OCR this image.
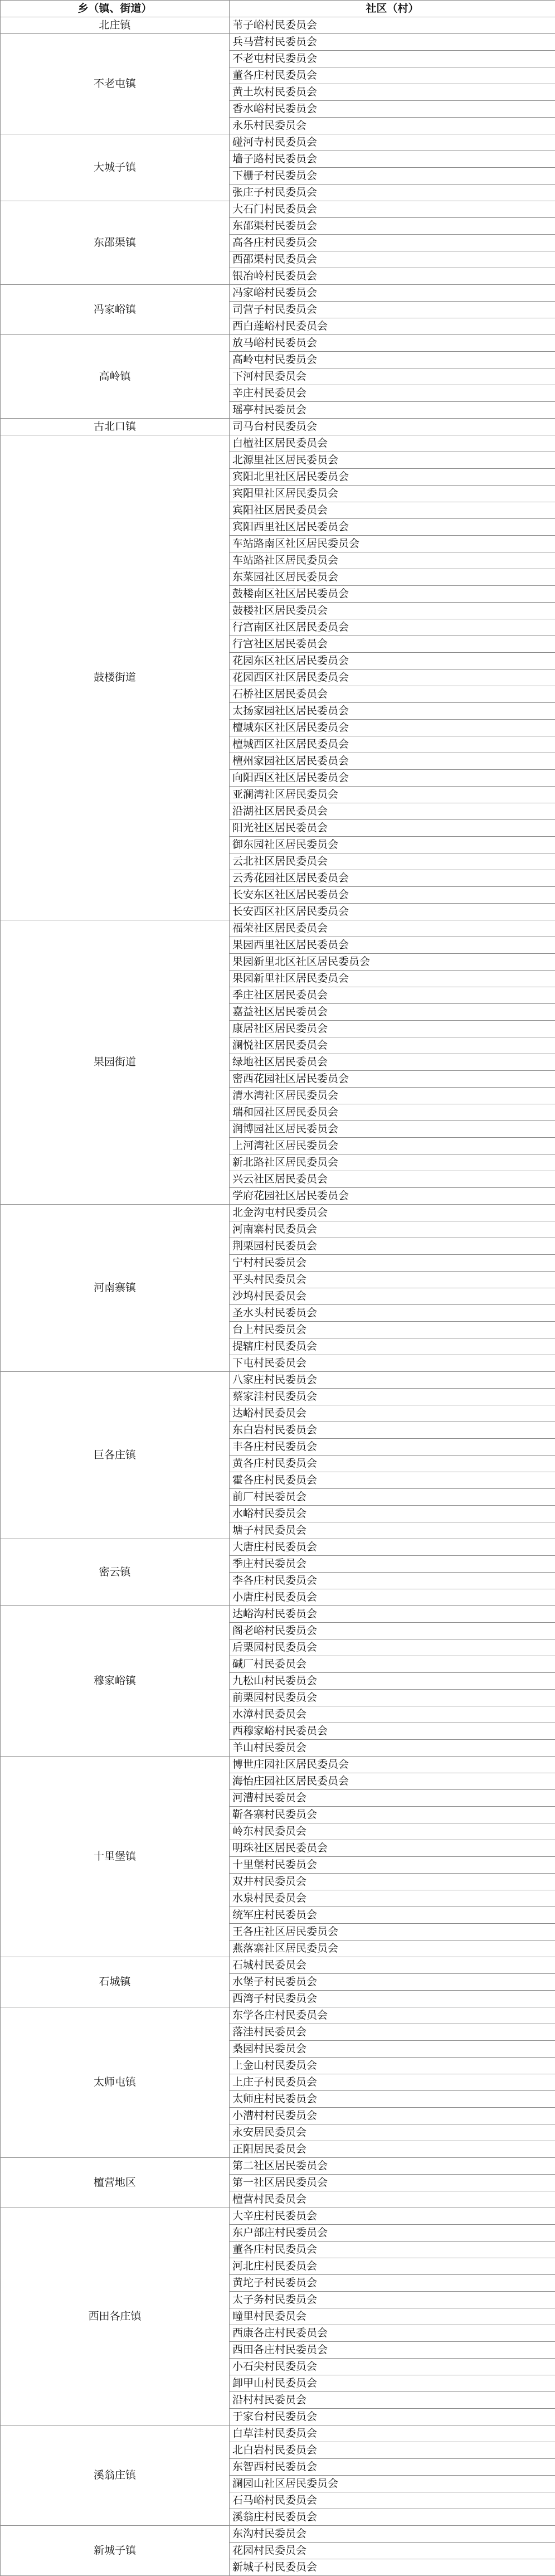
乡（镇、街道）	社区（村）
北庄镇	苇子峪村民委员会
不老屯镇	兵马营村民委员会
	不老屯村民委员会
	董各庄村民委员会
	黄土坎村民委员会
	香水峪村民委员会
	永乐村民委员会
大城子镇	碰河寺村民委员会
	墙子路村民委员会
	下栅子村民委员会
	张庄子村民委员会
东邵渠镇	大石门村民委员会
	东邵渠村民委员会
	高各庄村民委员会
	西邵渠村民委员会
	银冶岭村民委员会
冯家峪镇	冯家峪村民委员会
	司营子村民委员会
	西白莲峪村民委员会
高岭镇	放马峪村民委员会
	高岭屯村民委员会
	下河村民委员会
	辛庄村民委员会
	瑶亭村民委员会
古北口镇	司马台村民委员会
鼓楼街道	白檀社区居民委员会
	北源里社区居民委员会
	宾阳北里社区居民委员会
	宾阳里社区居民委员会
	宾阳社区居民委员会
	宾阳西里社区居民委员会
	车站路南区社区居民委员会
	车站路社区居民委员会
	东菜园社区居民委员会
	鼓楼南区社区居民委员会
	鼓楼社区居民委员会
	行宫南区社区居民委员会
	行宫社区居民委员会
	花园东区社区居民委员会
	花园西区社区居民委员会
	石桥社区居民委员会
	太扬家园社区居民委员会
	檀城东区社区居民委员会
	檀城西区社区居民委员会
	檀州家园社区居民委员会
	向阳西区社区居民委员会
	亚澜湾社区居民委员会
	沿湖社区居民委员会
	阳光社区居民委员会
	御东园社区居民委员会
	云北社区居民委员会
	云秀花园社区居民委员会
	长安东区社区居民委员会
	长安西区社区居民委员会
果园街道	福荣社区居民委员会
	果园西里社区居民委员会
	果园新里北区社区居民委员会
	果园新里社区居民委员会
	季庄社区居民委员会
	嘉益社区居民委员会
	康居社区居民委员会
	澜悦社区居民委员会
	绿地社区居民委员会
	密西花园社区居民委员会
	清水湾社区居民委员会
	瑞和园社区居民委员会
	润博园社区居民委员会
	上河湾社区居民委员会
	新北路社区居民委员会
	兴云社区居民委员会
	学府花园社区居民委员会
河南寨镇	北金沟屯村民委员会
	河南寨村民委员会
	荆栗园村民委员会
	宁村村民委员会
	平头村民委员会
	沙坞村民委员会
	圣水头村民委员会
	台上村民委员会
	提辖庄村民委员会
	下屯村民委员会
巨各庄镇	八家庄村民委员会
	蔡家洼村民委员会
	达峪村民委员会
	东白岩村民委员会
	丰各庄村民委员会
	黄各庄村民委员会
	霍各庄村民委员会
	前厂村民委员会
	水峪村民委员会
	塘子村民委员会
密云镇	大唐庄村民委员会
	季庄村民委员会
	李各庄村民委员会
	小唐庄村民委员会
穆家峪镇	达峪沟村民委员会
	阁老峪村民委员会
	后栗园村民委员会
	碱厂村民委员会
	九松山村民委员会
	前栗园村民委员会
	水漳村民委员会
	西穆家峪村民委员会
	羊山村民委员会
十里堡镇	博世庄园社区居民委员会
	海怡庄园社区居民委员会
	河漕村民委员会
	靳各寨村民委员会
	岭东村民委员会
	明珠社区居民委员会
	十里堡村民委员会
	双井村民委员会
	水泉村民委员会
	统军庄村民委员会
	王各庄社区居民委员会
	燕落寨社区居民委员会
石城镇	石城村民委员会
	水堡子村民委员会
	西湾子村民委员会
太师屯镇	东学各庄村民委员会
	落洼村民委员会
	桑园村民委员会
	上金山村民委员会
	上庄子村民委员会
	太师庄村民委员会
	小漕村村民委员会
	永安居民委员会
	正阳居民委员会
檀营地区	第二社区居民委员会
	第一社区居民委员会
	檀营村民委员会
西田各庄镇	大辛庄村民委员会
	东户部庄村民委员会
	董各庄村民委员会
	河北庄村民委员会
	黄坨子村民委员会
	太子务村民委员会
	疃里村民委员会
	西康各庄村民委员会
	西田各庄村民委员会
	小石尖村民委员会
	卸甲山村民委员会
	沿村村民委员会
	于家台村民委员会
溪翁庄镇	白草洼村民委员会
	北白岩村民委员会
	东智西村民委员会
	澜园山社区居民委员会
	石马峪村民委员会
	溪翁庄村民委员会
新城子镇	东沟村民委员会
	花园村民委员会
	新城子村民委员会
